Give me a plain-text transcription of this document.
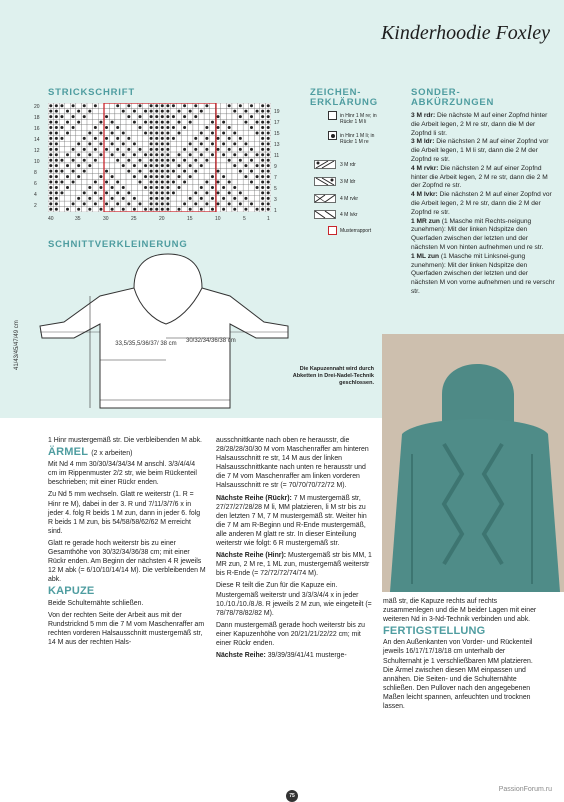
Kinderhoodie Foxley
STRICKSCHRIFT
20
18
16
14
12
10
8
6
4
2
19
17
15
13
11
9
7
5
3
1
40	35	30	25	20	15	10	5	1
ZEICHEN-
ERKLÄRUNG
in Hinr 1 M re; in
Rückr 1 M li
in Hinr 1 M li; in
Rückr 1 M re
3 M rdr
3 M ldr
4 M rvkr
4 M lvkr
Musterrapport
SONDER-
ABKÜRZUNGEN
3 M rdr: Die nächste M auf einer Zopfnd hinter die Arbeit legen, 2 M re str, dann die M der Zopfnd li str.
3 M ldr: Die nächsten 2 M auf einer Zopfnd vor die Arbeit legen, 1 M li str, dann die 2 M der Zopfnd re str.
4 M rvkr: Die nächsten 2 M auf einer Zopfnd hinter die Arbeit legen, 2 M re str, dann die 2 M der Zopfnd re str.
4 M lvkr: Die nächsten 2 M auf einer Zopfnd vor die Arbeit legen, 2 M re str, dann die 2 M der Zopfnd re str.
1 MR zun (1 Masche mit Rechts-neigung zunehmen): Mit der linken Ndspitze den Querfaden zwischen der letzten und der nächsten M von hinten aufnehmen und re str.
1 ML zun (1 Masche mit Linksnei-gung zunehmen): Mit der linken Ndspitze den Querfaden zwischen der letzten und der nächsten M von vorne aufnehmen und re verschr str.
SCHNITTVERKLEINERUNG
33,5/35,5/36/37/ 38 cm 30/32/34/36/38 cm
41/43/45/47/49 cm	Die Kapuzennaht wird durch Abketten in Drei-Nadel-Technik geschlossen.

1 Hinr mustergemäß str. Die verbleibenden M abk.

ÄRMEL (2 x arbeiten)

Mit Nd 4 mm 30/30/34/34/34 M anschl. 3/3/4/4/4 cm im Rippenmuster 2/2 str, wie beim Rückenteil beschrieben; mit einer Rückr enden.

Zu Nd 5 mm wechseln. Glatt re weiterstr (1. R = Hinr re M), dabei in der 3. R und 7/11/3/7/6 x in jeder 4. folg R beids 1 M zun, dann in jeder 6. folg R beids 1 M zun, bis 54/58/58/62/62 M erreicht sind.

Glatt re gerade hoch weiterstr bis zu einer Gesamthöhe von 30/32/34/36/38 cm; mit einer Rückr enden. Am Beginn der nächsten 4 R jeweils 12 M abk (= 6/10/10/14/14 M). Die verbleibenden M abk.

KAPUZE

Beide Schulternähte schließen.

Von der rechten Seite der Arbeit aus mit der Rundstricknd 5 mm die 7 M vom Maschenraffer am rechten vorderen Halsausschnitt mustergemäß str, 14 M aus der rechten Hals-

ausschnittkante nach oben re herausstr, die 28/28/28/30/30 M vom Maschenraffer am hinteren Halsausschnitt re str, 14 M aus der linken Halsausschnittkante nach unten re herausstr und die 7 M vom Maschenraffer am linken vorderen Halsausschnitt re str (= 70/70/70/72/72 M).

Nächste Reihe (Rückr): 7 M mustergemäß str, 27/27/27/28/28 M li, MM platzieren, li M str bis zu den letzten 7 M, 7 M mustergemäß str. Weiter hin die 7 M am R-Beginn und R-Ende mustergemäß, alle anderen M glatt re str. In dieser Einteilung weiterstr wie folgt: 6 R mustergemäß str.

Nächste Reihe (Hinr): Mustergemäß str bis MM, 1 MR zun, 2 M re, 1 ML zun, mustergemäß weiterstr bis R-Ende (= 72/72/72/74/74 M).

Diese R teilt die Zun für die Kapuze ein. Mustergemäß weiterstr und 3/3/3/4/4 x in jeder 10./10./10./8./8. R jeweils 2 M zun, wie eingeteilt (= 78/78/78/82/82 M).

Dann mustergemäß gerade hoch weiterstr bis zu einer Kapuzenhöhe von 20/21/21/22/22 cm; mit einer Rückr enden.

Nächste Reihe: 39/39/39/41/41 musterge-

mäß str, die Kapuze rechts auf rechts zusammenlegen und die M beider Lagen mit einer weiteren Nd in 3-Nd-Technik verbinden und abk.

FERTIGSTELLUNG

An den Außenkanten von Vorder- und Rückenteil jeweils 16/17/17/18/18 cm unterhalb der Schulternaht je 1 verschließbaren MM platzieren. Die Ärmel zwischen diesen MM einpassen und annähen. Die Seiten- und die Schulternähte schließen. Den Pullover nach den angegebenen Maßen leicht spannen, anfeuchten und trocknen lassen.

75
PassionForum.ru
